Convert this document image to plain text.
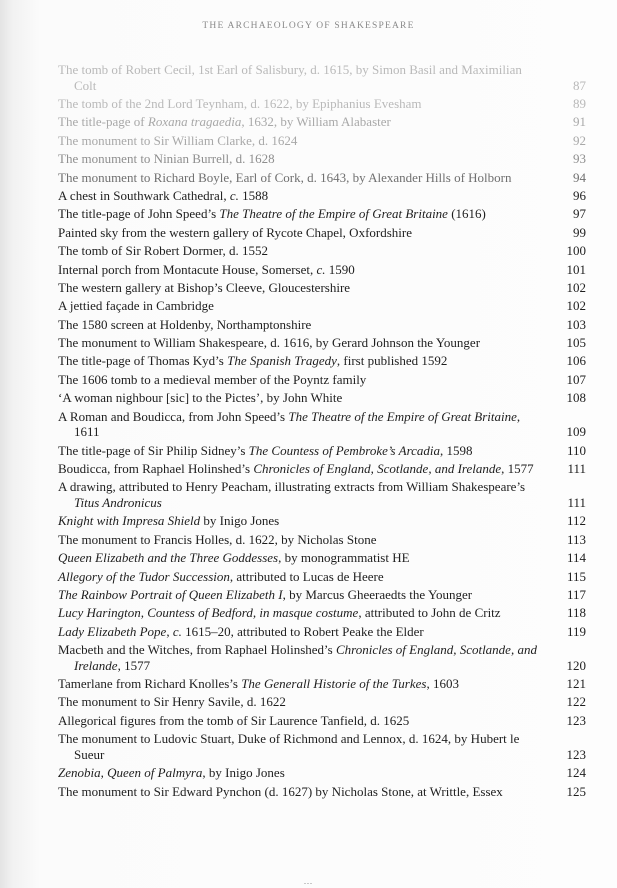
THE ARCHAEOLOGY OF SHAKESPEARE
The tomb of Robert Cecil, 1st Earl of Salisbury, d. 1615, by Simon Basil and Maximilian Colt	87
The tomb of the 2nd Lord Teynham, d. 1622, by Epiphanius Evesham	89
The title-page of Roxana tragaedia, 1632, by William Alabaster	91
The monument to Sir William Clarke, d. 1624	92
The monument to Ninian Burrell, d. 1628	93
The monument to Richard Boyle, Earl of Cork, d. 1643, by Alexander Hills of Holborn	94
A chest in Southwark Cathedral, c. 1588	96
The title-page of John Speed’s The Theatre of the Empire of Great Britaine (1616)	97
Painted sky from the western gallery of Rycote Chapel, Oxfordshire	99
The tomb of Sir Robert Dormer, d. 1552	100
Internal porch from Montacute House, Somerset, c. 1590	101
The western gallery at Bishop’s Cleeve, Gloucestershire	102
A jettied façade in Cambridge	102
The 1580 screen at Holdenby, Northamptonshire	103
The monument to William Shakespeare, d. 1616, by Gerard Johnson the Younger	105
The title-page of Thomas Kyd’s The Spanish Tragedy, first published 1592	106
The 1606 tomb to a medieval member of the Poyntz family	107
‘A woman nighbour [sic] to the Pictes’, by John White	108
A Roman and Boudicca, from John Speed’s The Theatre of the Empire of Great Britaine, 1611	109
The title-page of Sir Philip Sidney’s The Countess of Pembroke’s Arcadia, 1598	110
Boudicca, from Raphael Holinshed’s Chronicles of England, Scotlande, and Irelande, 1577	111
A drawing, attributed to Henry Peacham, illustrating extracts from William Shakespeare’s Titus Andronicus	111
Knight with Impresa Shield by Inigo Jones	112
The monument to Francis Holles, d. 1622, by Nicholas Stone	113
Queen Elizabeth and the Three Goddesses, by monogrammatist HE	114
Allegory of the Tudor Succession, attributed to Lucas de Heere	115
The Rainbow Portrait of Queen Elizabeth I, by Marcus Gheeraedts the Younger	117
Lucy Harington, Countess of Bedford, in masque costume, attributed to John de Critz	118
Lady Elizabeth Pope, c. 1615–20, attributed to Robert Peake the Elder	119
Macbeth and the Witches, from Raphael Holinshed’s Chronicles of England, Scotlande, and Irelande, 1577	120
Tamerlane from Richard Knolles’s The Generall Historie of the Turkes, 1603	121
The monument to Sir Henry Savile, d. 1622	122
Allegorical figures from the tomb of Sir Laurence Tanfield, d. 1625	123
The monument to Ludovic Stuart, Duke of Richmond and Lennox, d. 1624, by Hubert le Sueur	123
Zenobia, Queen of Palmyra, by Inigo Jones	124
The monument to Sir Edward Pynchon (d. 1627) by Nicholas Stone, at Writtle, Essex	125
...
